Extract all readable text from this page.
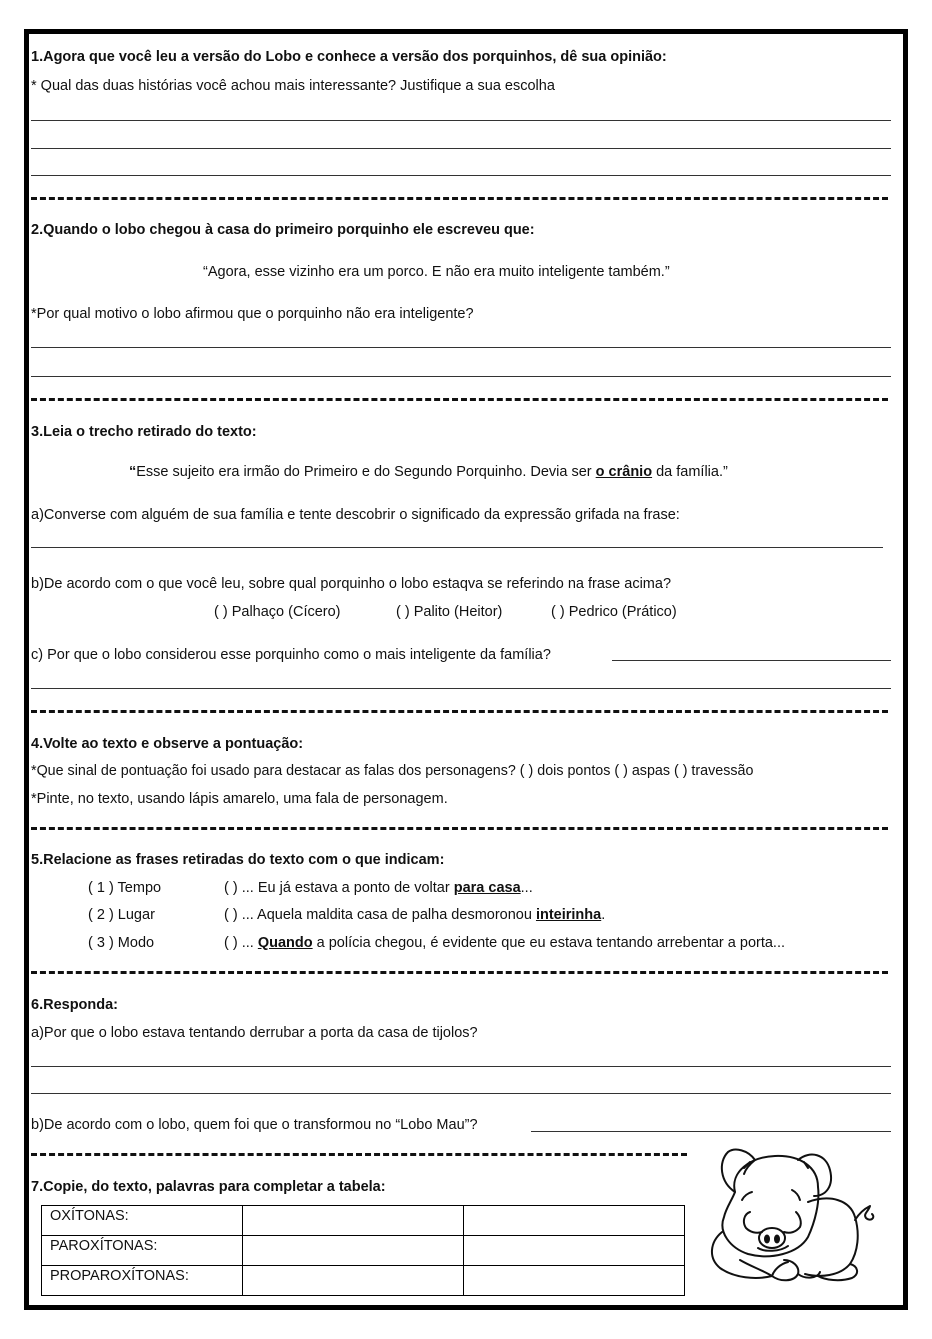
1.Agora que você leu a versão do Lobo e conhece a versão dos porquinhos, dê sua opinião:
* Qual das duas histórias você achou mais interessante? Justifique a sua escolha
2.Quando o lobo chegou à casa do primeiro porquinho ele escreveu que:
“Agora, esse vizinho era um porco. E não era muito inteligente também.”
*Por qual motivo o lobo afirmou que o porquinho não era inteligente?
3.Leia o trecho retirado do texto:
“Esse sujeito era irmão do Primeiro e do Segundo Porquinho. Devia ser o crânio da família.”
a)Converse com alguém de sua família e tente descobrir o significado da expressão grifada na frase:
b)De acordo com o que você leu, sobre qual porquinho o lobo estaqva se referindo na frase acima?
( ) Palhaço (Cícero)	( ) Palito (Heitor)	( ) Pedrico (Prático)
c) Por que o lobo considerou esse porquinho como o mais inteligente da família?
4.Volte ao texto e observe a pontuação:
*Que sinal de pontuação foi usado para destacar as falas dos personagens? ( ) dois pontos ( ) aspas ( ) travessão
*Pinte, no texto, usando lápis amarelo, uma fala de personagem.
5.Relacione as frases retiradas do texto com o que indicam:
( 1 ) Tempo	( ) ... Eu já estava a ponto de voltar para casa...
( 2 ) Lugar	( ) ... Aquela maldita casa de palha desmoronou inteirinha.
( 3 ) Modo	( ) ... Quando a polícia chegou, é evidente que eu estava tentando arrebentar a porta...
6.Responda:
a)Por que o lobo estava tentando derrubar a porta da casa de tijolos?
b)De acordo com o lobo, quem foi que o transformou no “Lobo Mau”?
7.Copie, do texto, palavras para completar a tabela:
OXÍTONAS:		
PAROXÍTONAS:		
PROPAROXÍTONAS:		
